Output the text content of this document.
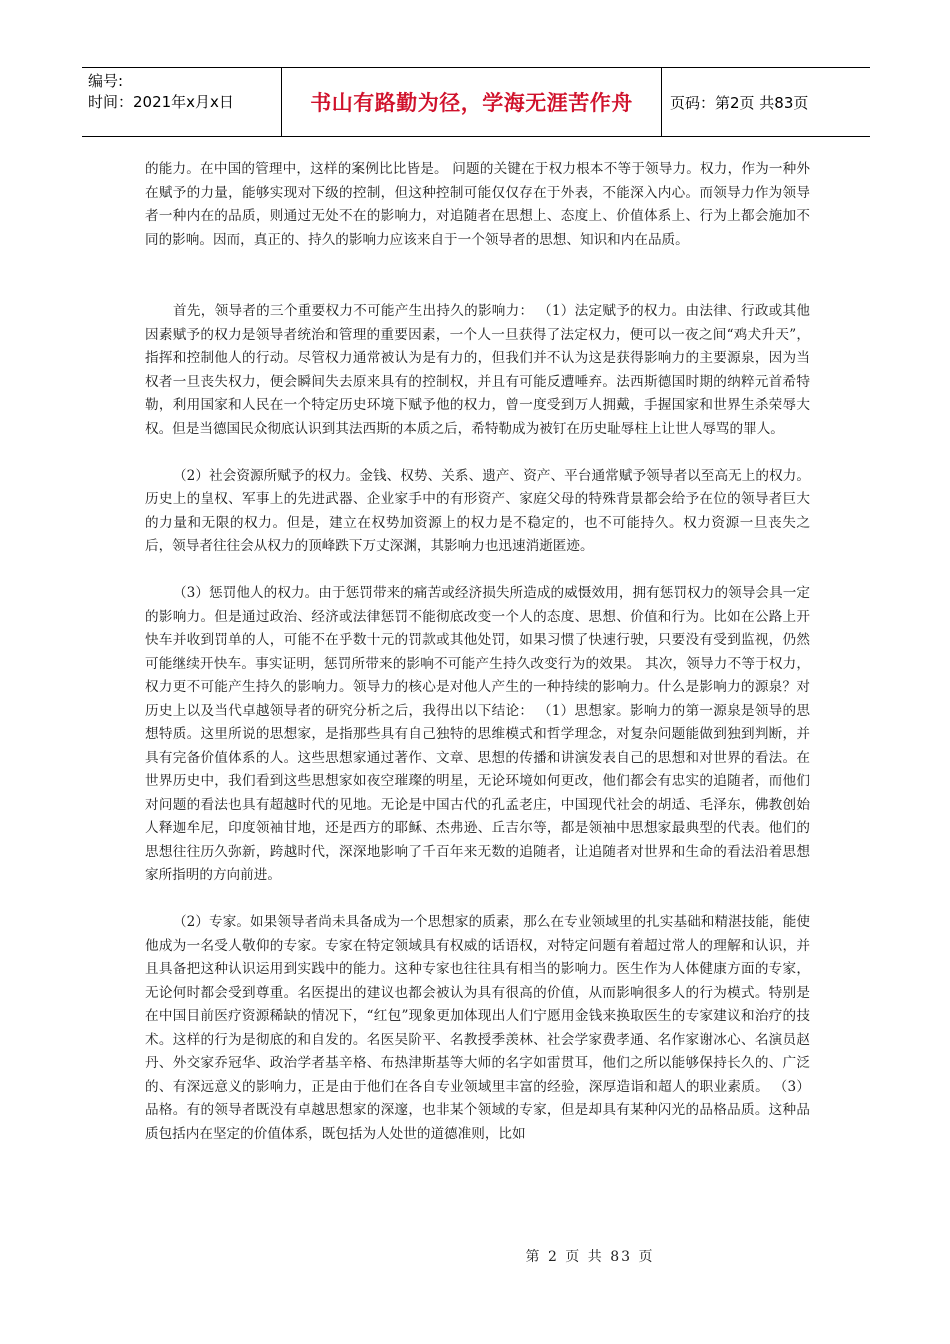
编号:
时间：2021年x月x日	书山有路勤为径，学海无涯苦作舟 页码：第2页 共83页

的能力。在中国的管理中，这样的案例比比皆是。 问题的关键在于权力根本不等于领导力。权力，作为一种外在赋予的力量，能够实现对下级的控制，但这种控制可能仅仅存在于外表，不能深入内心。而领导力作为领导者一种内在的品质，则通过无处不在的影响力，对追随者在思想上、态度上、价值体系上、行为上都会施加不同的影响。因而，真正的、持久的影响力应该来自于一个领导者的思想、知识和内在品质。

首先，领导者的三个重要权力不可能产生出持久的影响力： （1）法定赋予的权力。由法律、行政或其他因素赋予的权力是领导者统治和管理的重要因素，一个人一旦获得了法定权力，便可以一夜之间“鸡犬升天”，指挥和控制他人的行动。尽管权力通常被认为是有力的，但我们并不认为这是获得影响力的主要源泉，因为当权者一旦丧失权力，便会瞬间失去原来具有的控制权，并且有可能反遭唾弃。法西斯德国时期的纳粹元首希特勒，利用国家和人民在一个特定历史环境下赋予他的权力，曾一度受到万人拥戴，手握国家和世界生杀荣辱大权。但是当德国民众彻底认识到其法西斯的本质之后，希特勒成为被钉在历史耻辱柱上让世人辱骂的罪人。

（2）社会资源所赋予的权力。金钱、权势、关系、遗产、资产、平台通常赋予领导者以至高无上的权力。历史上的皇权、军事上的先进武器、企业家手中的有形资产、家庭父母的特殊背景都会给予在位的领导者巨大的力量和无限的权力。但是，建立在权势加资源上的权力是不稳定的，也不可能持久。权力资源一旦丧失之后，领导者往往会从权力的顶峰跌下万丈深渊，其影响力也迅速消逝匿迹。

（3）惩罚他人的权力。由于惩罚带来的痛苦或经济损失所造成的威慑效用，拥有惩罚权力的领导会具一定的影响力。但是通过政治、经济或法律惩罚不能彻底改变一个人的态度、思想、价值和行为。比如在公路上开快车并收到罚单的人，可能不在乎数十元的罚款或其他处罚，如果习惯了快速行驶，只要没有受到监视，仍然可能继续开快车。事实证明，惩罚所带来的影响不可能产生持久改变行为的效果。 其次，领导力不等于权力，权力更不可能产生持久的影响力。领导力的核心是对他人产生的一种持续的影响力。什么是影响力的源泉？对历史上以及当代卓越领导者的研究分析之后，我得出以下结论： （1）思想家。影响力的第一源泉是领导的思想特质。这里所说的思想家，是指那些具有自己独特的思维模式和哲学理念，对复杂问题能做到独到判断，并具有完备价值体系的人。这些思想家通过著作、文章、思想的传播和讲演发表自己的思想和对世界的看法。在世界历史中，我们看到这些思想家如夜空璀璨的明星，无论环境如何更改，他们都会有忠实的追随者，而他们对问题的看法也具有超越时代的见地。无论是中国古代的孔孟老庄，中国现代社会的胡适、毛泽东，佛教创始人释迦牟尼，印度领袖甘地，还是西方的耶稣、杰弗逊、丘吉尔等，都是领袖中思想家最典型的代表。他们的思想往往历久弥新，跨越时代，深深地影响了千百年来无数的追随者，让追随者对世界和生命的看法沿着思想家所指明的方向前进。

（2）专家。如果领导者尚未具备成为一个思想家的质素，那么在专业领域里的扎实基础和精湛技能，能使他成为一名受人敬仰的专家。专家在特定领域具有权威的话语权，对特定问题有着超过常人的理解和认识，并且具备把这种认识运用到实践中的能力。这种专家也往往具有相当的影响力。医生作为人体健康方面的专家，无论何时都会受到尊重。名医提出的建议也都会被认为具有很高的价值，从而影响很多人的行为模式。特别是在中国目前医疗资源稀缺的情况下，“红包”现象更加体现出人们宁愿用金钱来换取医生的专家建议和治疗的技术。这样的行为是彻底的和自发的。名医吴阶平、名教授季羡林、社会学家费孝通、名作家谢冰心、名演员赵丹、外交家乔冠华、政治学者基辛格、布热津斯基等大师的名字如雷贯耳，他们之所以能够保持长久的、广泛的、有深远意义的影响力，正是由于他们在各自专业领域里丰富的经验，深厚造诣和超人的职业素质。 （3）品格。有的领导者既没有卓越思想家的深邃，也非某个领域的专家，但是却具有某种闪光的品格品质。这种品质包括内在坚定的价值体系，既包括为人处世的道德准则，比如

第 2 页 共 83 页
